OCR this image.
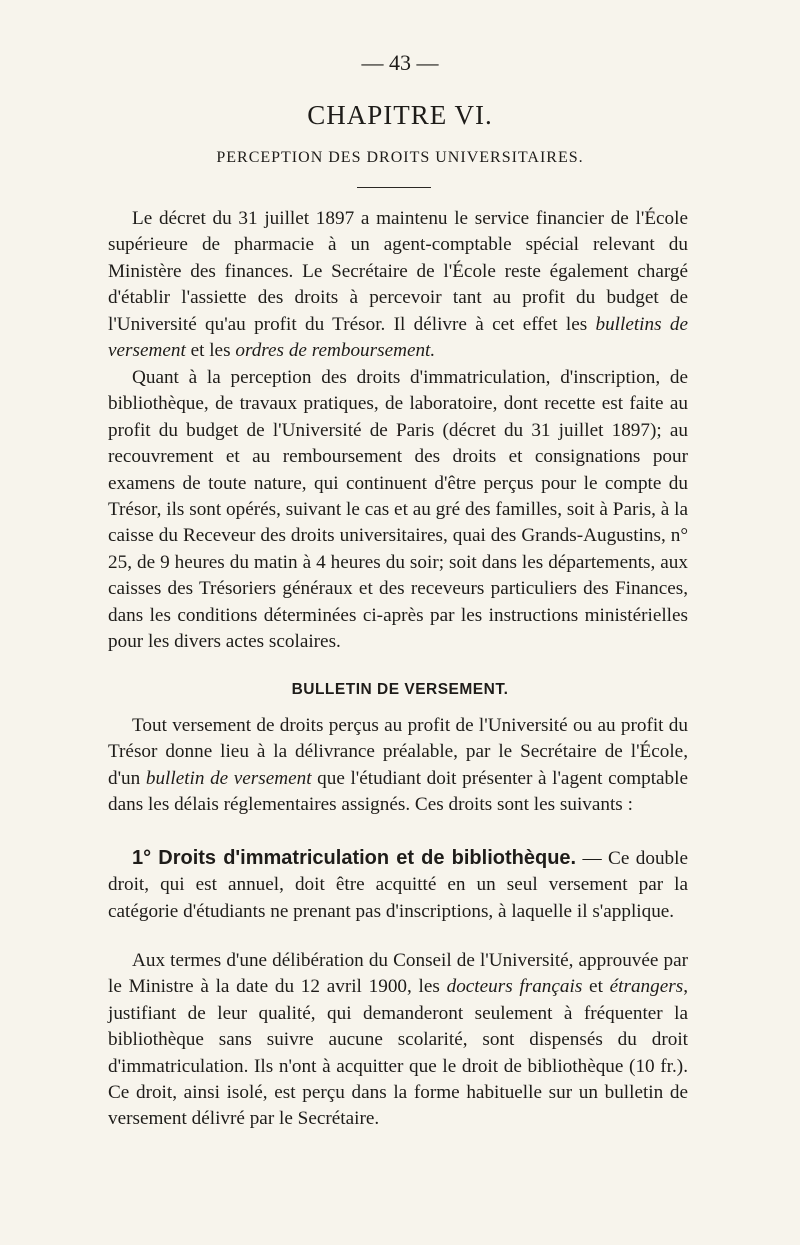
— 43 —
CHAPITRE VI.
PERCEPTION DES DROITS UNIVERSITAIRES.

Le décret du 31 juillet 1897 a maintenu le service financier de l'École supérieure de pharmacie à un agent-comptable spécial relevant du Ministère des finances. Le Secrétaire de l'École reste également chargé d'établir l'assiette des droits à percevoir tant au profit du budget de l'Université qu'au profit du Trésor. Il délivre à cet effet les bulletins de versement et les ordres de remboursement.

Quant à la perception des droits d'immatriculation, d'inscription, de bibliothèque, de travaux pratiques, de laboratoire, dont recette est faite au profit du budget de l'Université de Paris (décret du 31 juillet 1897); au recouvrement et au remboursement des droits et consignations pour examens de toute nature, qui continuent d'être perçus pour le compte du Trésor, ils sont opérés, suivant le cas et au gré des familles, soit à Paris, à la caisse du Receveur des droits universitaires, quai des Grands-Augustins, n° 25, de 9 heures du matin à 4 heures du soir; soit dans les départements, aux caisses des Trésoriers généraux et des receveurs particuliers des Finances, dans les conditions déterminées ci-après par les instructions ministérielles pour les divers actes scolaires.

BULLETIN DE VERSEMENT.

Tout versement de droits perçus au profit de l'Université ou au profit du Trésor donne lieu à la délivrance préalable, par le Secrétaire de l'École, d'un bulletin de versement que l'étudiant doit présenter à l'agent comptable dans les délais réglementaires assignés. Ces droits sont les suivants :

1° Droits d'immatriculation et de bibliothèque. — Ce double droit, qui est annuel, doit être acquitté en un seul versement par la catégorie d'étudiants ne prenant pas d'inscriptions, à laquelle il s'applique.

Aux termes d'une délibération du Conseil de l'Université, approuvée par le Ministre à la date du 12 avril 1900, les docteurs français et étrangers, justifiant de leur qualité, qui demanderont seulement à fréquenter la bibliothèque sans suivre aucune scolarité, sont dispensés du droit d'immatriculation. Ils n'ont à acquitter que le droit de bibliothèque (10 fr.). Ce droit, ainsi isolé, est perçu dans la forme habituelle sur un bulletin de versement délivré par le Secrétaire.
